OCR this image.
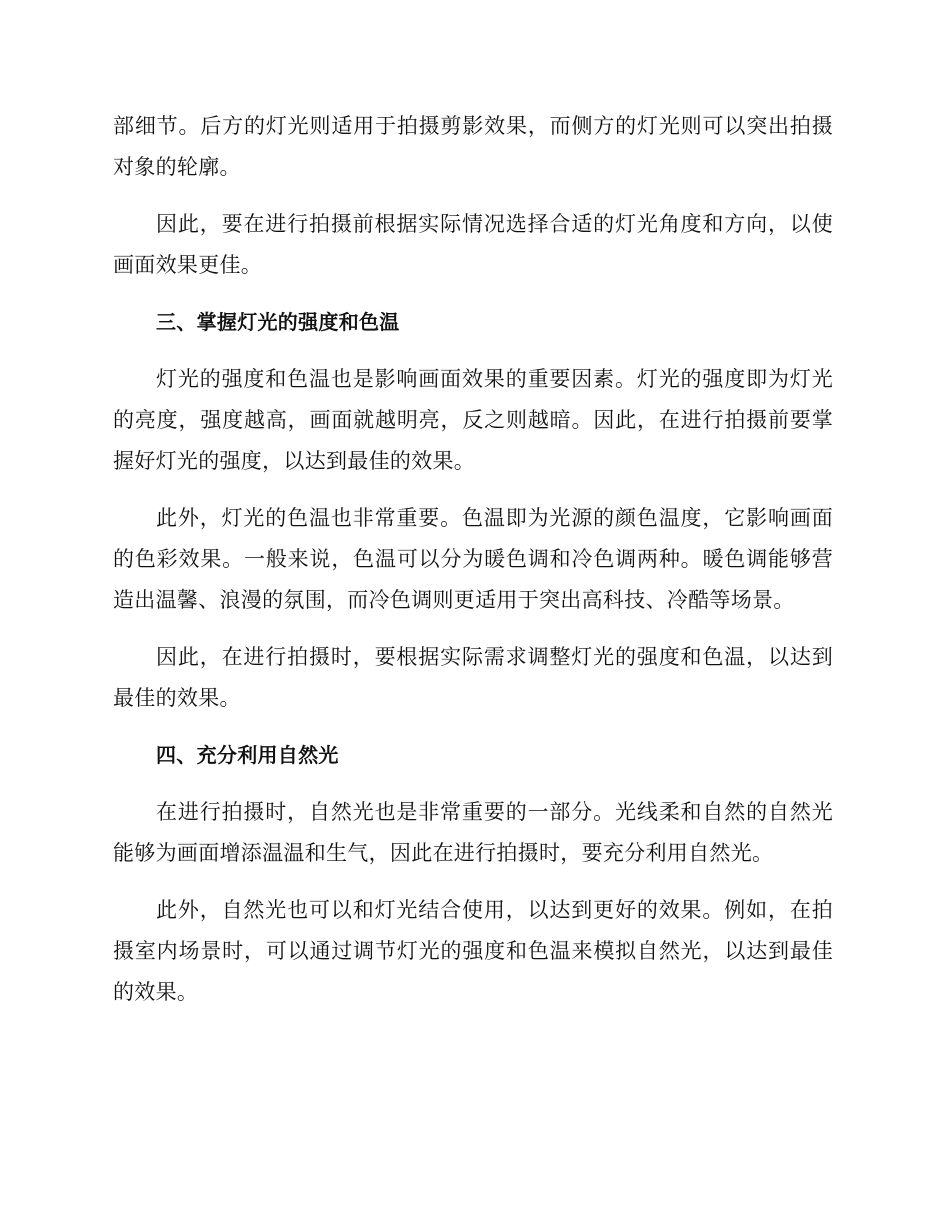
部细节。后方的灯光则适用于拍摄剪影效果，而侧方的灯光则可以突出拍摄对象的轮廓。

因此，要在进行拍摄前根据实际情况选择合适的灯光角度和方向，以使画面效果更佳。

三、掌握灯光的强度和色温

灯光的强度和色温也是影响画面效果的重要因素。灯光的强度即为灯光的亮度，强度越高，画面就越明亮，反之则越暗。因此，在进行拍摄前要掌握好灯光的强度，以达到最佳的效果。

此外，灯光的色温也非常重要。色温即为光源的颜色温度，它影响画面的色彩效果。一般来说，色温可以分为暖色调和冷色调两种。暖色调能够营造出温馨、浪漫的氛围，而冷色调则更适用于突出高科技、冷酷等场景。

因此，在进行拍摄时，要根据实际需求调整灯光的强度和色温，以达到最佳的效果。

四、充分利用自然光

在进行拍摄时，自然光也是非常重要的一部分。光线柔和自然的自然光能够为画面增添温温和生气，因此在进行拍摄时，要充分利用自然光。

此外，自然光也可以和灯光结合使用，以达到更好的效果。例如，在拍摄室内场景时，可以通过调节灯光的强度和色温来模拟自然光，以达到最佳的效果。
